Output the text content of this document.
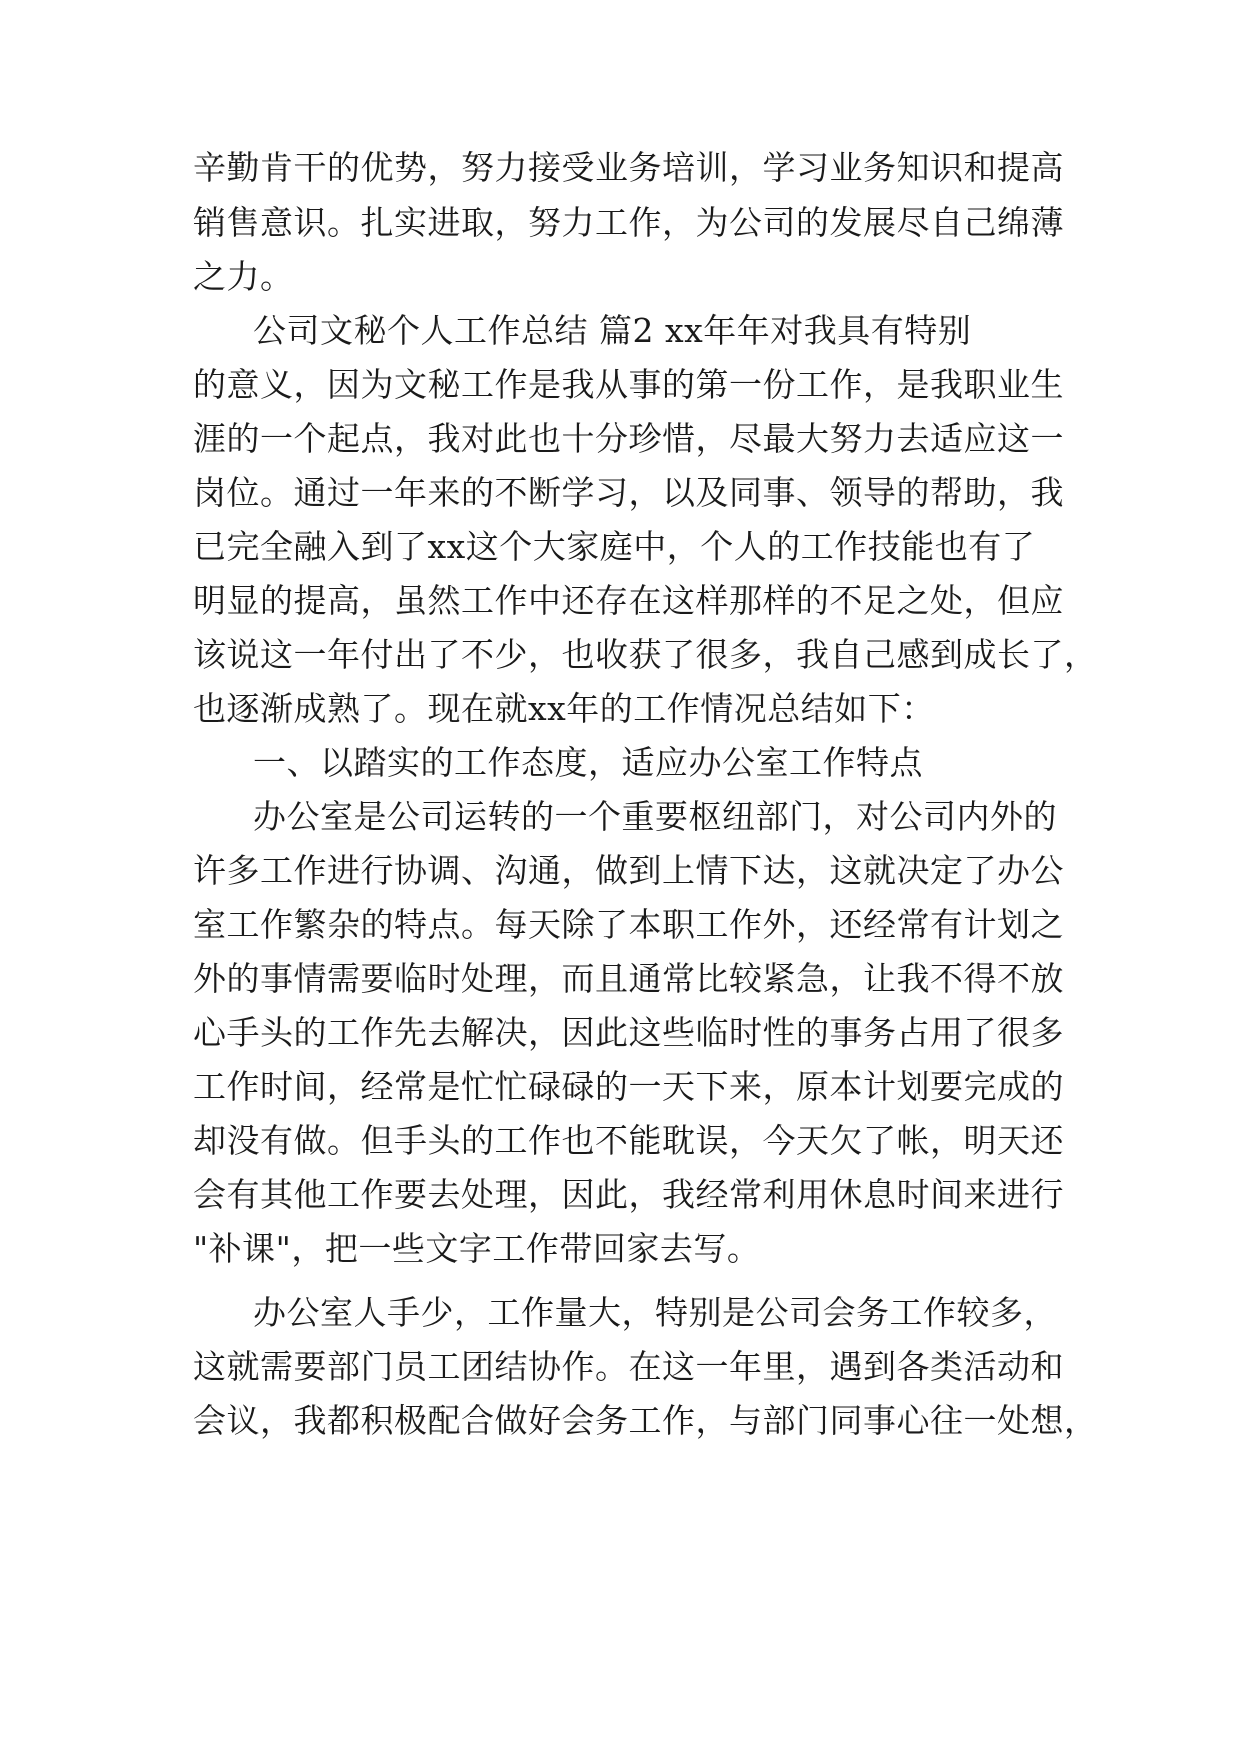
辛勤肯干的优势，努力接受业务培训，学习业务知识和提高
销售意识。扎实进取，努力工作，为公司的发展尽自己绵薄
之力。
公司文秘个人工作总结 篇2 xx年年对我具有特别
的意义，因为文秘工作是我从事的第一份工作，是我职业生
涯的一个起点，我对此也十分珍惜，尽最大努力去适应这一
岗位。通过一年来的不断学习，以及同事、领导的帮助，我
已完全融入到了xx这个大家庭中，个人的工作技能也有了
明显的提高，虽然工作中还存在这样那样的不足之处，但应
该说这一年付出了不少，也收获了很多，我自己感到成长了，
也逐渐成熟了。现在就xx年的工作情况总结如下：
一、以踏实的工作态度，适应办公室工作特点
办公室是公司运转的一个重要枢纽部门，对公司内外的
许多工作进行协调、沟通，做到上情下达，这就决定了办公
室工作繁杂的特点。每天除了本职工作外，还经常有计划之
外的事情需要临时处理，而且通常比较紧急，让我不得不放
心手头的工作先去解决，因此这些临时性的事务占用了很多
工作时间，经常是忙忙碌碌的一天下来，原本计划要完成的
却没有做。但手头的工作也不能耽误，今天欠了帐，明天还
会有其他工作要去处理，因此，我经常利用休息时间来进行
"补课"，把一些文字工作带回家去写。
办公室人手少，工作量大，特别是公司会务工作较多，
这就需要部门员工团结协作。在这一年里，遇到各类活动和
会议，我都积极配合做好会务工作，与部门同事心往一处想，
